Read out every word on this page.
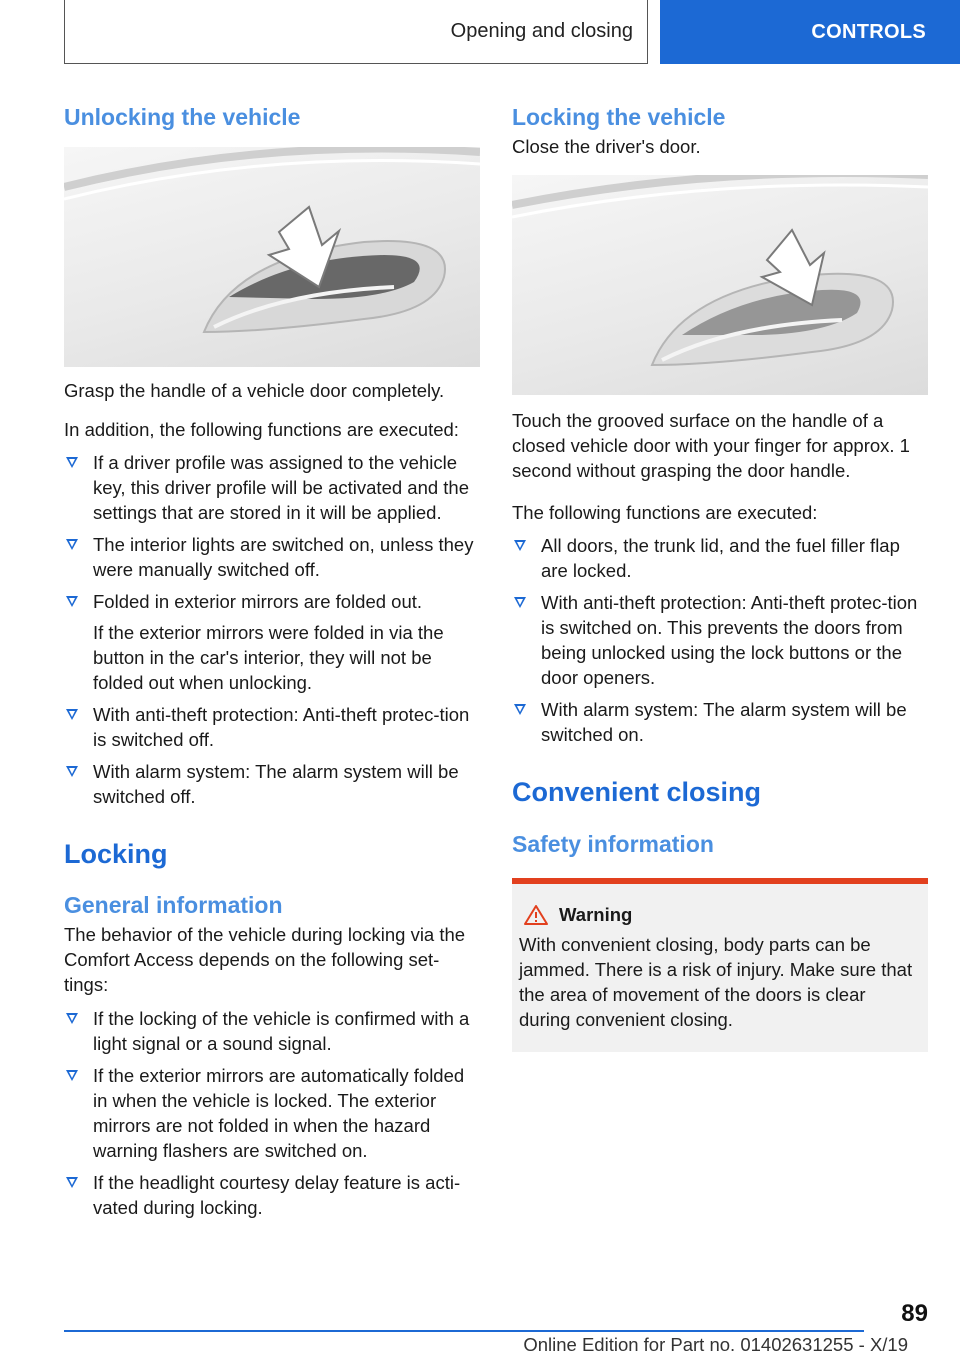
Opening and closing	CONTROLS
Unlocking the vehicle

Grasp the handle of a vehicle door completely.

In addition, the following functions are executed:

If a driver profile was assigned to the vehicle key, this driver profile will be activated and the settings that are stored in it will be applied.
The interior lights are switched on, unless they were manually switched off.
Folded in exterior mirrors are folded out.
If the exterior mirrors were folded in via the button in the car's interior, they will not be folded out when unlocking.
With anti-theft protection: Anti-theft protec-tion is switched off.
With alarm system: The alarm system will be switched off.
Locking
General information

The behavior of the vehicle during locking via the Comfort Access depends on the following set-tings:

If the locking of the vehicle is confirmed with a light signal or a sound signal.
If the exterior mirrors are automatically folded in when the vehicle is locked. The exterior mirrors are not folded in when the hazard warning flashers are switched on.
If the headlight courtesy delay feature is acti-vated during locking.
Locking the vehicle

Close the driver's door.

Touch the grooved surface on the handle of a closed vehicle door with your finger for approx. 1 second without grasping the door handle.

The following functions are executed:

All doors, the trunk lid, and the fuel filler flap are locked.
With anti-theft protection: Anti-theft protec-tion is switched on. This prevents the doors from being unlocked using the lock buttons or the door openers.
With alarm system: The alarm system will be switched on.
Convenient closing
Safety information
Warning

With convenient closing, body parts can be jammed. There is a risk of injury. Make sure that the area of movement of the doors is clear during convenient closing.

89
Online Edition for Part no. 01402631255 - X/19
